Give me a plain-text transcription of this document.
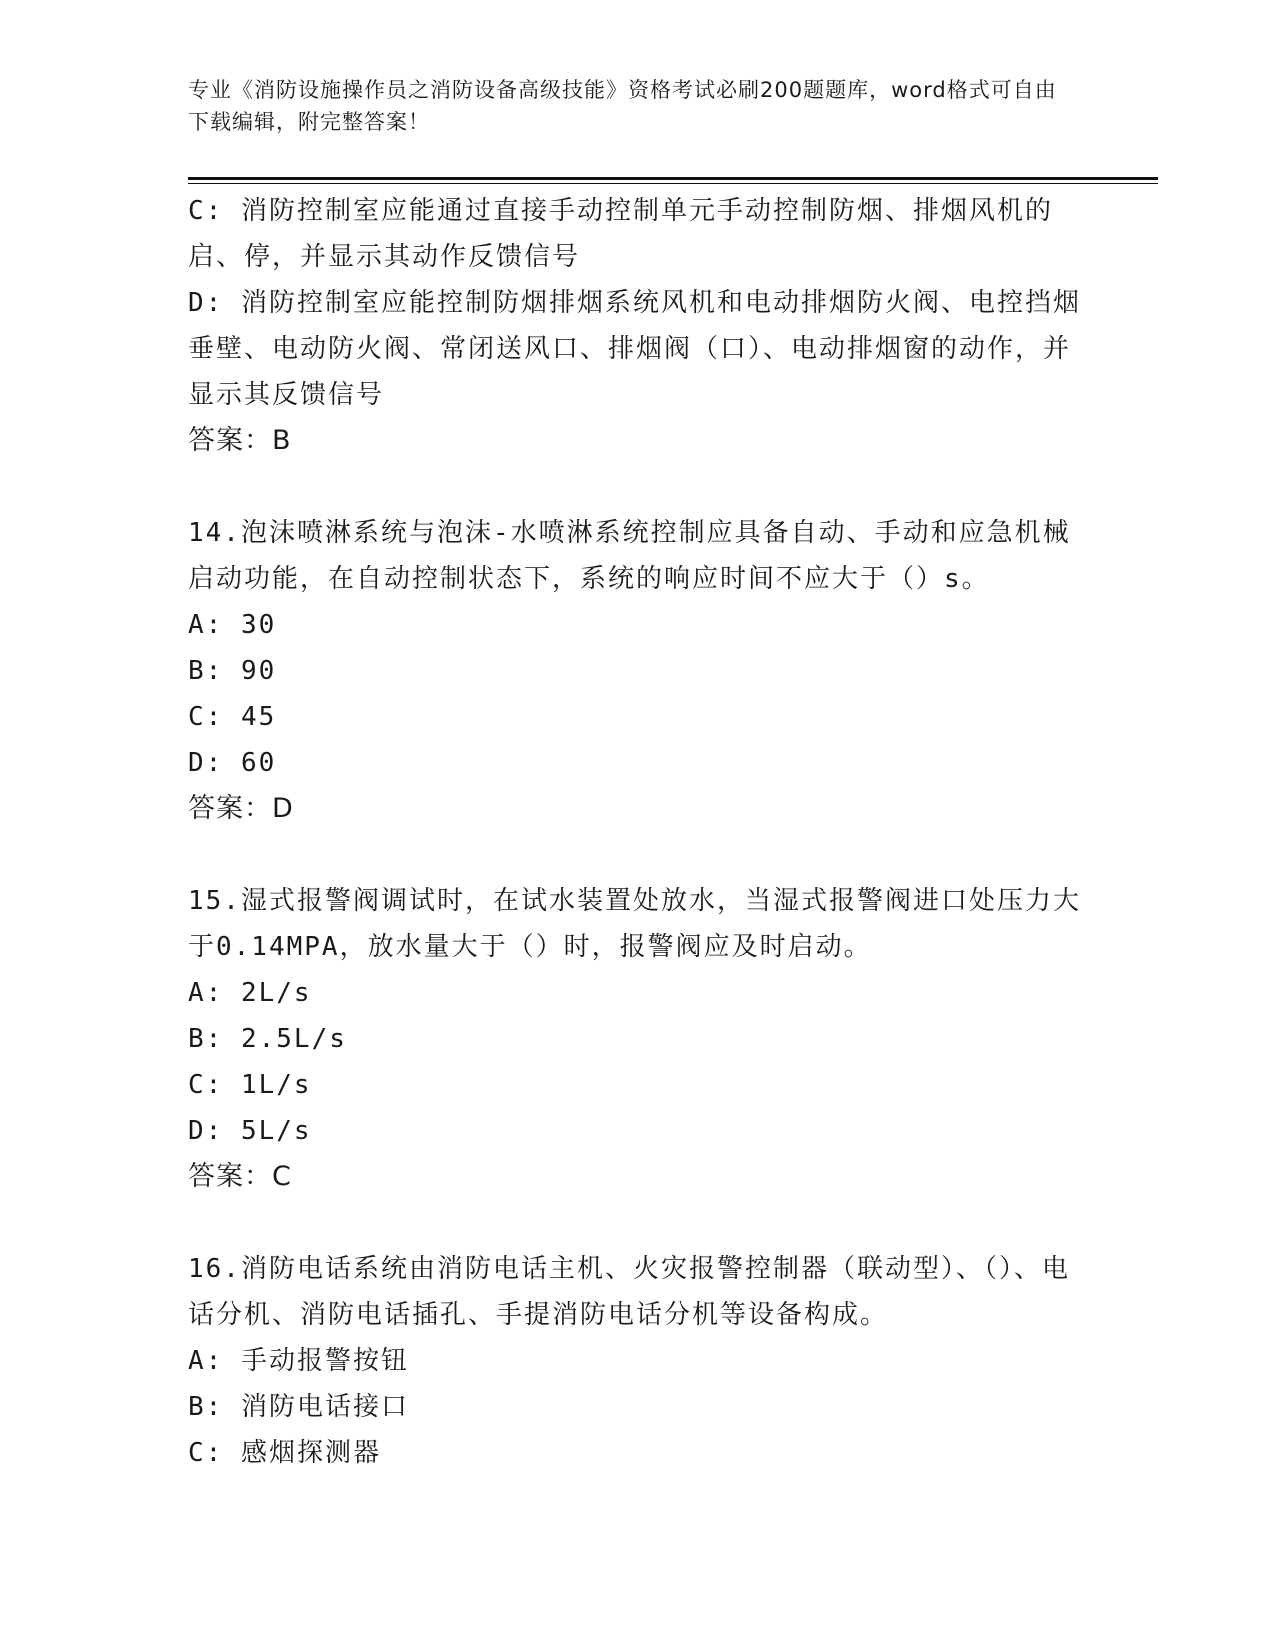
专业《消防设施操作员之消防设备高级技能》资格考试必刷200题题库，word格式可自由下载编辑，附完整答案！
C: 消防控制室应能通过直接手动控制单元手动控制防烟、排烟风机的启、停，并显示其动作反馈信号
D: 消防控制室应能控制防烟排烟系统风机和电动排烟防火阀、电控挡烟垂壁、电动防火阀、常闭送风口、排烟阀（口）、电动排烟窗的动作，并显示其反馈信号
答案：B
14.泡沫喷淋系统与泡沫-水喷淋系统控制应具备自动、手动和应急机械启动功能，在自动控制状态下，系统的响应时间不应大于（）s。
A: 30
B: 90
C: 45
D: 60
答案：D
15.湿式报警阀调试时，在试水装置处放水，当湿式报警阀进口处压力大于0.14MPA，放水量大于（）时，报警阀应及时启动。
A: 2L/s
B: 2.5L/s
C: 1L/s
D: 5L/s
答案：C
16.消防电话系统由消防电话主机、火灾报警控制器（联动型）、（）、电话分机、消防电话插孔、手提消防电话分机等设备构成。
A: 手动报警按钮
B: 消防电话接口
C: 感烟探测器
